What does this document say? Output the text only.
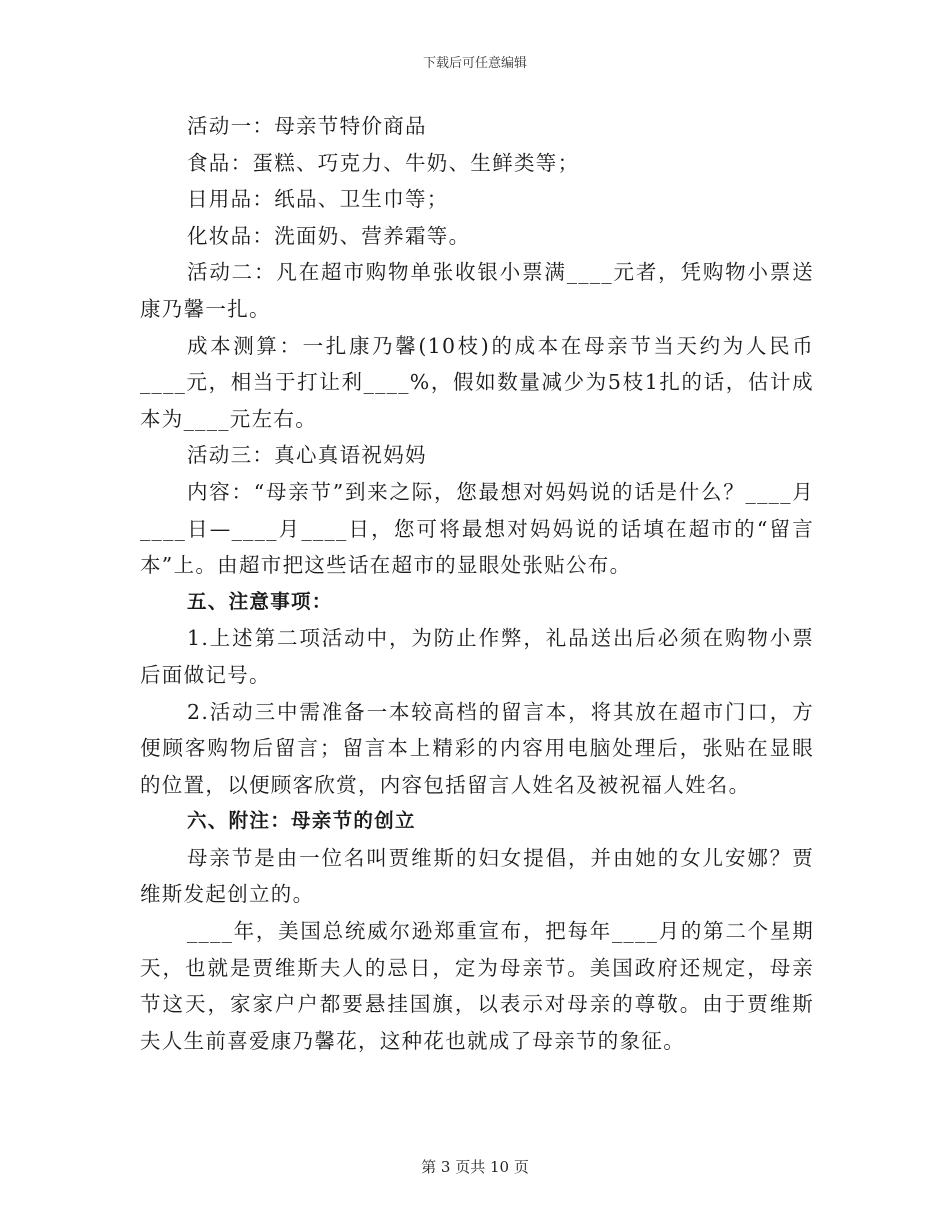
下载后可任意编辑

活动一：母亲节特价商品

食品：蛋糕、巧克力、牛奶、生鲜类等；

日用品：纸品、卫生巾等；

化妆品：洗面奶、营养霜等。

活动二：凡在超市购物单张收银小票满____元者，凭购物小票送康乃馨一扎。

成本测算：一扎康乃馨(10枝)的成本在母亲节当天约为人民币____元，相当于打让利____%，假如数量减少为5枝1扎的话，估计成本为____元左右。

活动三：真心真语祝妈妈

内容：“母亲节”到来之际，您最想对妈妈说的话是什么？____月____日—____月____日，您可将最想对妈妈说的话填在超市的“留言本”上。由超市把这些话在超市的显眼处张贴公布。

五、注意事项：

1.上述第二项活动中，为防止作弊，礼品送出后必须在购物小票后面做记号。

2.活动三中需准备一本较高档的留言本，将其放在超市门口，方便顾客购物后留言；留言本上精彩的内容用电脑处理后，张贴在显眼的位置，以便顾客欣赏，内容包括留言人姓名及被祝福人姓名。

六、附注：母亲节的创立

母亲节是由一位名叫贾维斯的妇女提倡，并由她的女儿安娜？贾维斯发起创立的。

____年，美国总统威尔逊郑重宣布，把每年____月的第二个星期天，也就是贾维斯夫人的忌日，定为母亲节。美国政府还规定，母亲节这天，家家户户都要悬挂国旗，以表示对母亲的尊敬。由于贾维斯夫人生前喜爱康乃馨花，这种花也就成了母亲节的象征。

第 3 页共 10 页
